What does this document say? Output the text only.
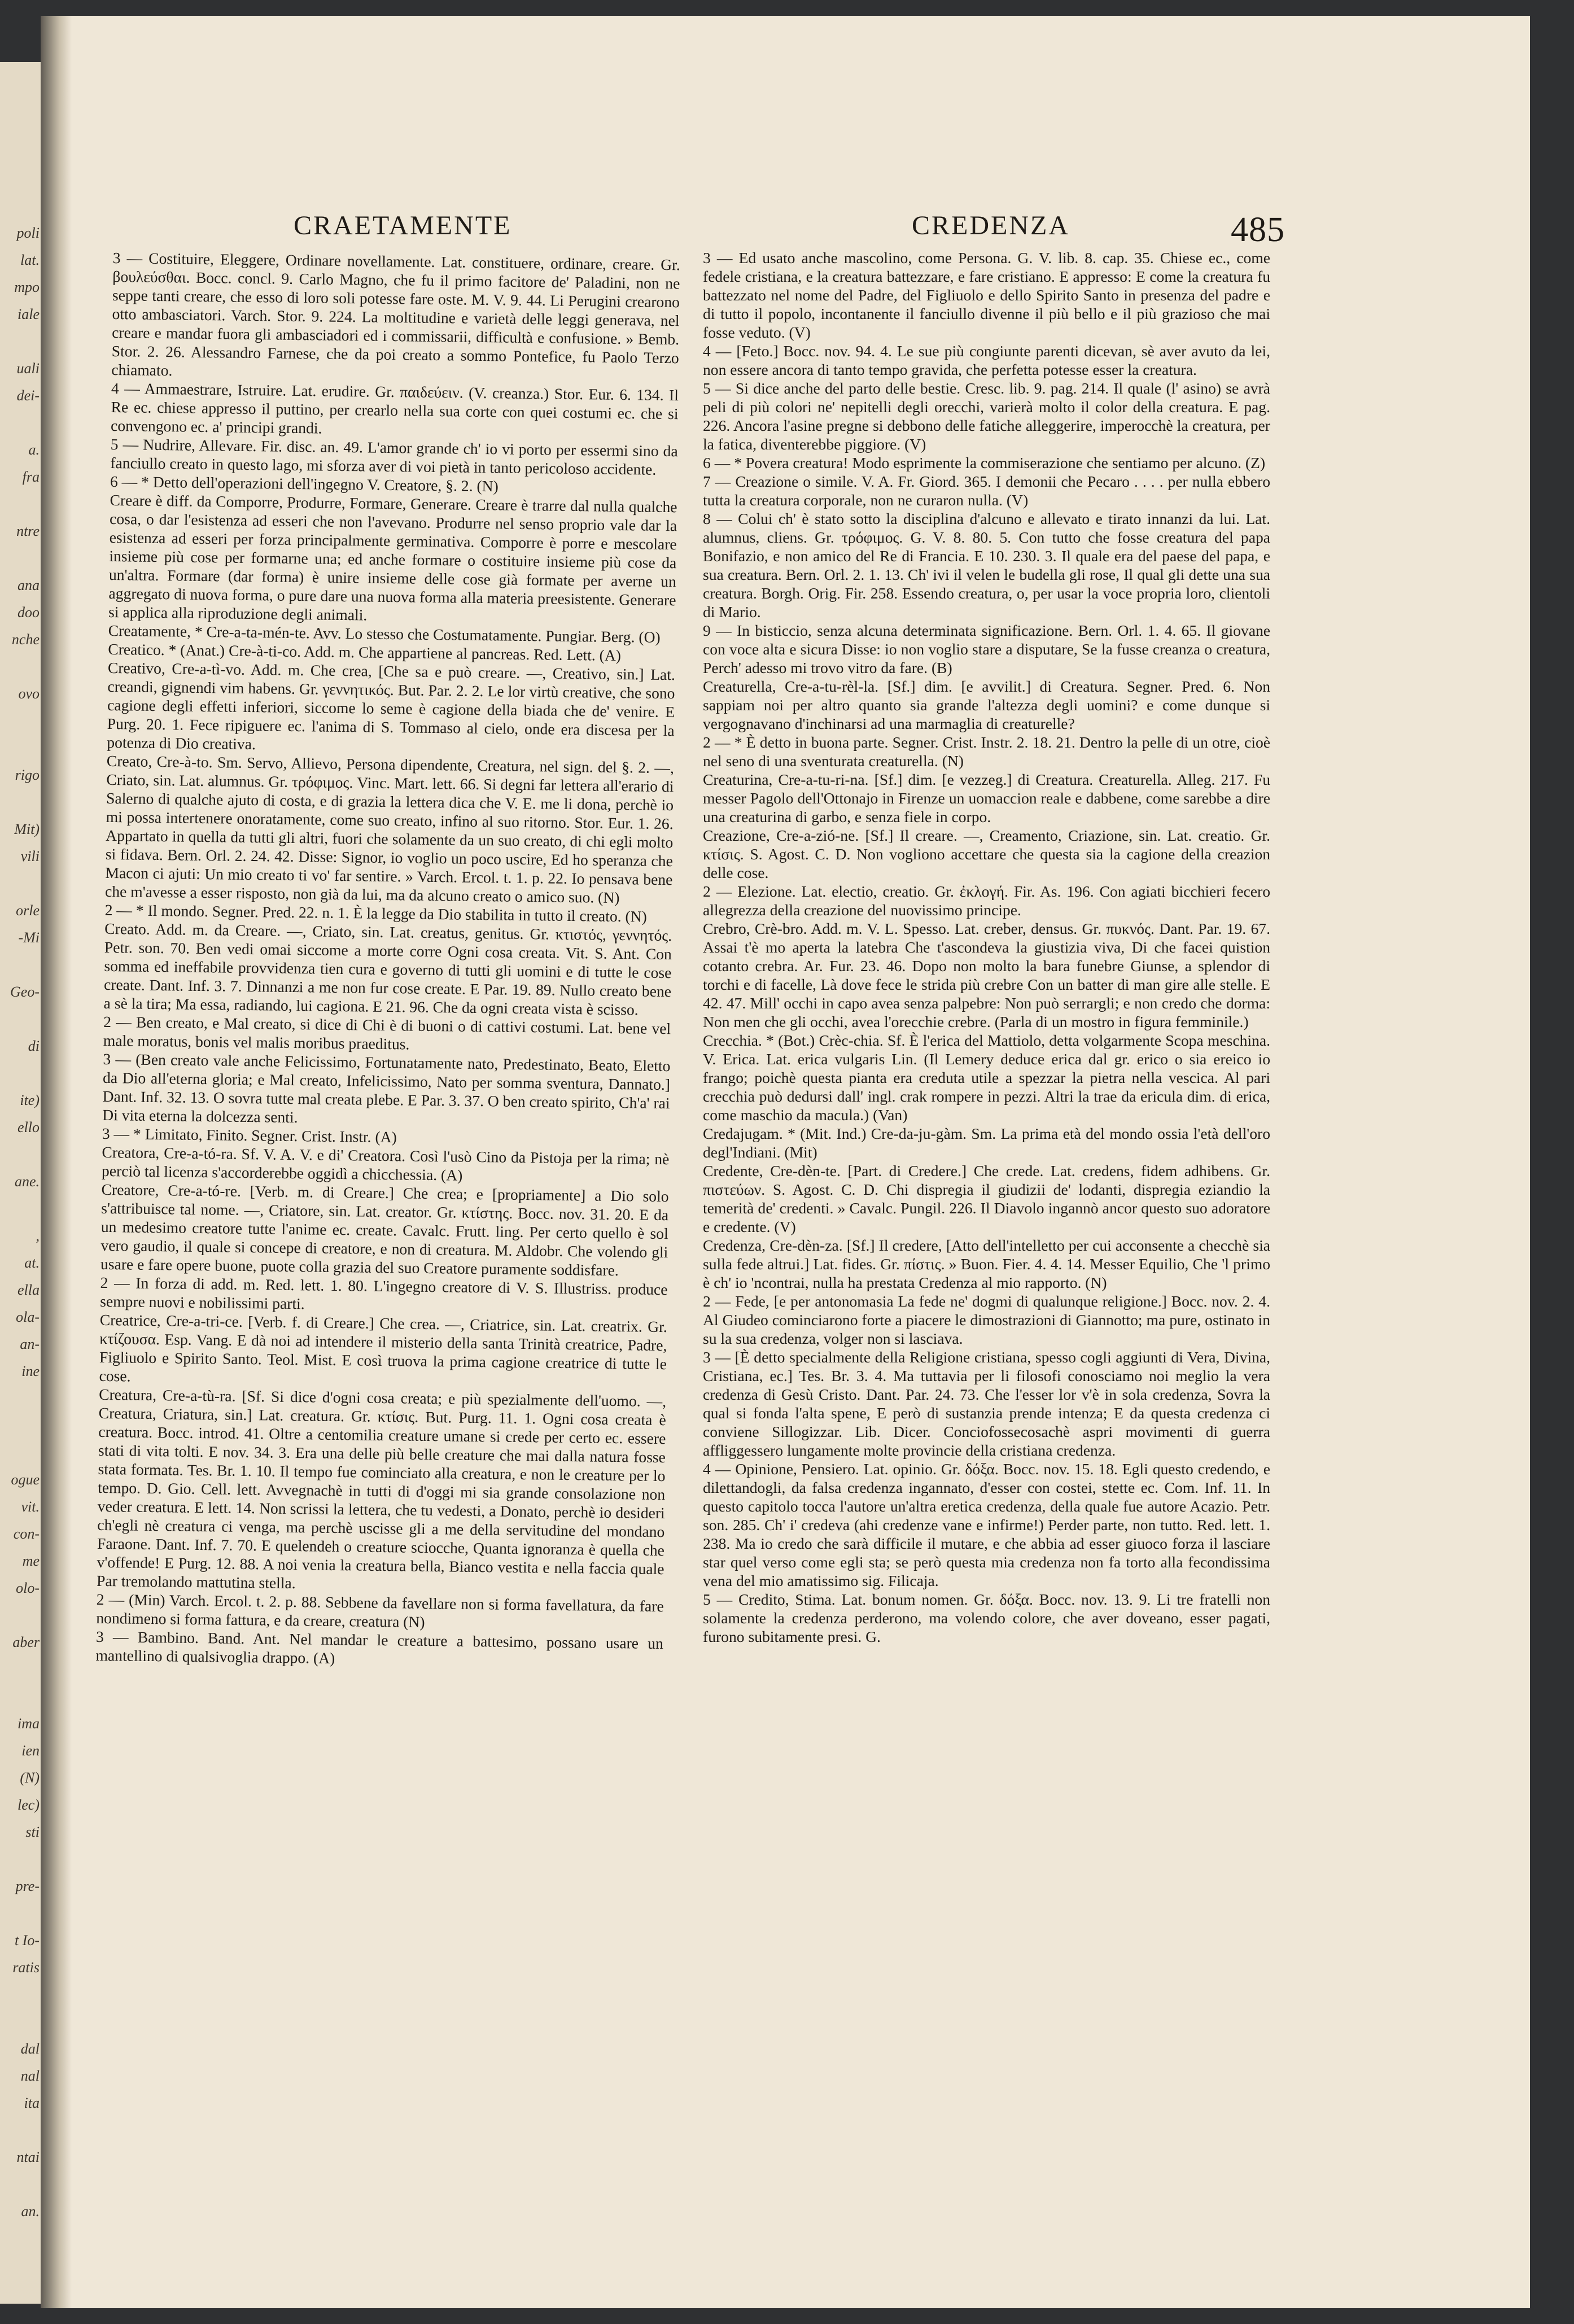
poli
lat.
mpo
iale
uali
dei-
a.
fra
ntre
ana
doo
nche
ovo
rigo
Mit)
vili
orle
-Mi
Geo-
di
ite)
ello
ane.
,
at.
ella
ola-
an-
ine
ogue
vit.
con-
me
olo-
aber
ima
ien
(N)
lec)
sti
pre-
t Io-
ratis
dal
nal
ita
ntai
an.
CRAETAMENTE	CREDENZA	485

3 — Costituire, Eleggere, Ordinare novellamente. Lat. constituere, ordinare, creare. Gr. βουλεύσθαι. Bocc. concl. 9. Carlo Magno, che fu il primo facitore de' Paladini, non ne seppe tanti creare, che esso di loro soli potesse fare oste. M. V. 9. 44. Li Perugini crearono otto ambasciatori. Varch. Stor. 9. 224. La moltitudine e varietà delle leggi generava, nel creare e mandar fuora gli ambasciadori ed i commissarii, difficultà e confusione. » Bemb. Stor. 2. 26. Alessandro Farnese, che da poi creato a sommo Pontefice, fu Paolo Terzo chiamato.

4 — Ammaestrare, Istruire. Lat. erudire. Gr. παιδεύειν. (V. creanza.) Stor. Eur. 6. 134. Il Re ec. chiese appresso il puttino, per crearlo nella sua corte con quei costumi ec. che si convengono ec. a' principi grandi.

5 — Nudrire, Allevare. Fir. disc. an. 49. L'amor grande ch' io vi porto per essermi sino da fanciullo creato in questo lago, mi sforza aver di voi pietà in tanto pericoloso accidente.

6 — * Detto dell'operazioni dell'ingegno V. Creatore, §. 2. (N)

Creare è diff. da Comporre, Produrre, Formare, Generare. Creare è trarre dal nulla qualche cosa, o dar l'esistenza ad esseri che non l'avevano. Produrre nel senso proprio vale dar la esistenza ad esseri per forza principalmente germinativa. Comporre è porre e mescolare insieme più cose per formarne una; ed anche formare o costituire insieme più cose da un'altra. Formare (dar forma) è unire insieme delle cose già formate per averne un aggregato di nuova forma, o pure dare una nuova forma alla materia preesistente. Generare si applica alla riproduzione degli animali.

Creatamente, * Cre-a-ta-mén-te. Avv. Lo stesso che Costumatamente. Pungiar. Berg. (O)

Creatico. * (Anat.) Cre-à-ti-co. Add. m. Che appartiene al pancreas. Red. Lett. (A)

Creativo, Cre-a-tì-vo. Add. m. Che crea, [Che sa e può creare. —, Creativo, sin.] Lat. creandi, gignendi vim habens. Gr. γεννητικός. But. Par. 2. 2. Le lor virtù creative, che sono cagione degli effetti inferiori, siccome lo seme è cagione della biada che de' venire. E Purg. 20. 1. Fece ripiguere ec. l'anima di S. Tommaso al cielo, onde era discesa per la potenza di Dio creativa.

Creato, Cre-à-to. Sm. Servo, Allievo, Persona dipendente, Creatura, nel sign. del §. 2. —, Criato, sin. Lat. alumnus. Gr. τρόφιμος. Vinc. Mart. lett. 66. Si degni far lettera all'erario di Salerno di qualche ajuto di costa, e di grazia la lettera dica che V. E. me li dona, perchè io mi possa intertenere onoratamente, come suo creato, infino al suo ritorno. Stor. Eur. 1. 26. Appartato in quella da tutti gli altri, fuori che solamente da un suo creato, di chi egli molto si fidava. Bern. Orl. 2. 24. 42. Disse: Signor, io voglio un poco uscire, Ed ho speranza che Macon ci ajuti: Un mio creato ti vo' far sentire. » Varch. Ercol. t. 1. p. 22. Io pensava bene che m'avesse a esser risposto, non già da lui, ma da alcuno creato o amico suo. (N)

2 — * Il mondo. Segner. Pred. 22. n. 1. È la legge da Dio stabilita in tutto il creato. (N)

Creato. Add. m. da Creare. —, Criato, sin. Lat. creatus, genitus. Gr. κτιστός, γεννητός. Petr. son. 70. Ben vedi omai siccome a morte corre Ogni cosa creata. Vit. S. Ant. Con somma ed ineffabile provvidenza tien cura e governo di tutti gli uomini e di tutte le cose create. Dant. Inf. 3. 7. Dinnanzi a me non fur cose create. E Par. 19. 89. Nullo creato bene a sè la tira; Ma essa, radiando, lui cagiona. E 21. 96. Che da ogni creata vista è scisso.

2 — Ben creato, e Mal creato, si dice di Chi è di buoni o di cattivi costumi. Lat. bene vel male moratus, bonis vel malis moribus praeditus.

3 — (Ben creato vale anche Felicissimo, Fortunatamente nato, Predestinato, Beato, Eletto da Dio all'eterna gloria; e Mal creato, Infelicissimo, Nato per somma sventura, Dannato.] Dant. Inf. 32. 13. O sovra tutte mal creata plebe. E Par. 3. 37. O ben creato spirito, Ch'a' rai Di vita eterna la dolcezza senti.

3 — * Limitato, Finito. Segner. Crist. Instr. (A)

Creatora, Cre-a-tó-ra. Sf. V. A. V. e di' Creatora. Così l'usò Cino da Pistoja per la rima; nè perciò tal licenza s'accorderebbe oggidì a chicchessia. (A)

Creatore, Cre-a-tó-re. [Verb. m. di Creare.] Che crea; e [propriamente] a Dio solo s'attribuisce tal nome. —, Criatore, sin. Lat. creator. Gr. κτίστης. Bocc. nov. 31. 20. E da un medesimo creatore tutte l'anime ec. create. Cavalc. Frutt. ling. Per certo quello è sol vero gaudio, il quale si concepe di creatore, e non di creatura. M. Aldobr. Che volendo gli usare e fare opere buone, puote colla grazia del suo Creatore puramente soddisfare.

2 — In forza di add. m. Red. lett. 1. 80. L'ingegno creatore di V. S. Illustriss. produce sempre nuovi e nobilissimi parti.

Creatrice, Cre-a-tri-ce. [Verb. f. di Creare.] Che crea. —, Criatrice, sin. Lat. creatrix. Gr. κτίζουσα. Esp. Vang. E dà noi ad intendere il misterio della santa Trinità creatrice, Padre, Figliuolo e Spirito Santo. Teol. Mist. E così truova la prima cagione creatrice di tutte le cose.

Creatura, Cre-a-tù-ra. [Sf. Si dice d'ogni cosa creata; e più spezialmente dell'uomo. —, Creatura, Criatura, sin.] Lat. creatura. Gr. κτίσις. But. Purg. 11. 1. Ogni cosa creata è creatura. Bocc. introd. 41. Oltre a centomilia creature umane si crede per certo ec. essere stati di vita tolti. E nov. 34. 3. Era una delle più belle creature che mai dalla natura fosse stata formata. Tes. Br. 1. 10. Il tempo fue cominciato alla creatura, e non le creature per lo tempo. D. Gio. Cell. lett. Avvegnachè in tutti di d'oggi mi sia grande consolazione non veder creatura. E lett. 14. Non scrissi la lettera, che tu vedesti, a Donato, perchè io desideri ch'egli nè creatura ci venga, ma perchè uscisse gli a me della servitudine del mondano Faraone. Dant. Inf. 7. 70. E quelendeh o creature sciocche, Quanta ignoranza è quella che v'offende! E Purg. 12. 88. A noi venia la creatura bella, Bianco vestita e nella faccia quale Par tremolando mattutina stella.

2 — (Min) Varch. Ercol. t. 2. p. 88. Sebbene da favellare non si forma favellatura, da fare nondimeno si forma fattura, e da creare, creatura (N)

3 — Bambino. Band. Ant. Nel mandar le creature a battesimo, possano usare un mantellino di qualsivoglia drappo. (A)

3 — Ed usato anche mascolino, come Persona. G. V. lib. 8. cap. 35. Chiese ec., come fedele cristiana, e la creatura battezzare, e fare cristiano. E appresso: E come la creatura fu battezzato nel nome del Padre, del Figliuolo e dello Spirito Santo in presenza del padre e di tutto il popolo, incontanente il fanciullo divenne il più bello e il più grazioso che mai fosse veduto. (V)

4 — [Feto.] Bocc. nov. 94. 4. Le sue più congiunte parenti dicevan, sè aver avuto da lei, non essere ancora di tanto tempo gravida, che perfetta potesse esser la creatura.

5 — Si dice anche del parto delle bestie. Cresc. lib. 9. pag. 214. Il quale (l' asino) se avrà peli di più colori ne' nepitelli degli orecchi, varierà molto il color della creatura. E pag. 226. Ancora l'asine pregne si debbono delle fatiche alleggerire, imperocchè la creatura, per la fatica, diventerebbe piggiore. (V)

6 — * Povera creatura! Modo esprimente la commiserazione che sentiamo per alcuno. (Z)

7 — Creazione o simile. V. A. Fr. Giord. 365. I demonii che Pecaro . . . . per nulla ebbero tutta la creatura corporale, non ne curaron nulla. (V)

8 — Colui ch' è stato sotto la disciplina d'alcuno e allevato e tirato innanzi da lui. Lat. alumnus, cliens. Gr. τρόφιμος. G. V. 8. 80. 5. Con tutto che fosse creatura del papa Bonifazio, e non amico del Re di Francia. E 10. 230. 3. Il quale era del paese del papa, e sua creatura. Bern. Orl. 2. 1. 13. Ch' ivi il velen le budella gli rose, Il qual gli dette una sua creatura. Borgh. Orig. Fir. 258. Essendo creatura, o, per usar la voce propria loro, clientoli di Mario.

9 — In bisticcio, senza alcuna determinata significazione. Bern. Orl. 1. 4. 65. Il giovane con voce alta e sicura Disse: io non voglio stare a disputare, Se la fusse creanza o creatura, Perch' adesso mi trovo vitro da fare. (B)

Creaturella, Cre-a-tu-rèl-la. [Sf.] dim. [e avvilit.] di Creatura. Segner. Pred. 6. Non sappiam noi per altro quanto sia grande l'altezza degli uomini? e come dunque si vergognavano d'inchinarsi ad una marmaglia di creaturelle?

2 — * È detto in buona parte. Segner. Crist. Instr. 2. 18. 21. Dentro la pelle di un otre, cioè nel seno di una sventurata creaturella. (N)

Creaturina, Cre-a-tu-ri-na. [Sf.] dim. [e vezzeg.] di Creatura. Creaturella. Alleg. 217. Fu messer Pagolo dell'Ottonajo in Firenze un uomaccion reale e dabbene, come sarebbe a dire una creaturina di garbo, e senza fiele in corpo.

Creazione, Cre-a-zió-ne. [Sf.] Il creare. —, Creamento, Criazione, sin. Lat. creatio. Gr. κτίσις. S. Agost. C. D. Non vogliono accettare che questa sia la cagione della creazion delle cose.

2 — Elezione. Lat. electio, creatio. Gr. ἐκλογή. Fir. As. 196. Con agiati bicchieri fecero allegrezza della creazione del nuovissimo principe.

Crebro, Crè-bro. Add. m. V. L. Spesso. Lat. creber, densus. Gr. πυκνός. Dant. Par. 19. 67. Assai t'è mo aperta la latebra Che t'ascondeva la giustizia viva, Di che facei quistion cotanto crebra. Ar. Fur. 23. 46. Dopo non molto la bara funebre Giunse, a splendor di torchi e di facelle, Là dove fece le strida più crebre Con un batter di man gire alle stelle. E 42. 47. Mill' occhi in capo avea senza palpebre: Non può serrargli; e non credo che dorma: Non men che gli occhi, avea l'orecchie crebre. (Parla di un mostro in figura femminile.)

Crecchia. * (Bot.) Crèc-chia. Sf. È l'erica del Mattiolo, detta volgarmente Scopa meschina. V. Erica. Lat. erica vulgaris Lin. (Il Lemery deduce erica dal gr. erico o sia ereico io frango; poichè questa pianta era creduta utile a spezzar la pietra nella vescica. Al pari crecchia può dedursi dall' ingl. crak rompere in pezzi. Altri la trae da ericula dim. di erica, come maschio da macula.) (Van)

Credajugam. * (Mit. Ind.) Cre-da-ju-gàm. Sm. La prima età del mondo ossia l'età dell'oro degl'Indiani. (Mit)

Credente, Cre-dèn-te. [Part. di Credere.] Che crede. Lat. credens, fidem adhibens. Gr. πιστεύων. S. Agost. C. D. Chi dispregia il giudizii de' lodanti, dispregia eziandio la temerità de' credenti. » Cavalc. Pungil. 226. Il Diavolo ingannò ancor questo suo adoratore e credente. (V)

Credenza, Cre-dèn-za. [Sf.] Il credere, [Atto dell'intelletto per cui acconsente a checchè sia sulla fede altrui.] Lat. fides. Gr. πίστις. » Buon. Fier. 4. 4. 14. Messer Equilio, Che 'l primo è ch' io 'ncontrai, nulla ha prestata Credenza al mio rapporto. (N)

2 — Fede, [e per antonomasia La fede ne' dogmi di qualunque religione.] Bocc. nov. 2. 4. Al Giudeo cominciarono forte a piacere le dimostrazioni di Giannotto; ma pure, ostinato in su la sua credenza, volger non si lasciava.

3 — [È detto specialmente della Religione cristiana, spesso cogli aggiunti di Vera, Divina, Cristiana, ec.] Tes. Br. 3. 4. Ma tuttavia per li filosofi conosciamo noi meglio la vera credenza di Gesù Cristo. Dant. Par. 24. 73. Che l'esser lor v'è in sola credenza, Sovra la qual si fonda l'alta spene, E però di sustanzia prende intenza; E da questa credenza ci conviene Sillogizzar. Lib. Dicer. Conciofossecosachè aspri movimenti di guerra affliggessero lungamente molte provincie della cristiana credenza.

4 — Opinione, Pensiero. Lat. opinio. Gr. δόξα. Bocc. nov. 15. 18. Egli questo credendo, e dilettandogli, da falsa credenza ingannato, d'esser con costei, stette ec. Com. Inf. 11. In questo capitolo tocca l'autore un'altra eretica credenza, della quale fue autore Acazio. Petr. son. 285. Ch' i' credeva (ahi credenze vane e infirme!) Perder parte, non tutto. Red. lett. 1. 238. Ma io credo che sarà difficile il mutare, e che abbia ad esser giuoco forza il lasciare star quel verso come egli sta; se però questa mia credenza non fa torto alla fecondissima vena del mio amatissimo sig. Filicaja.

5 — Credito, Stima. Lat. bonum nomen. Gr. δόξα. Bocc. nov. 13. 9. Li tre fratelli non solamente la credenza perderono, ma volendo colore, che aver doveano, esser pagati, furono subitamente presi. G.
